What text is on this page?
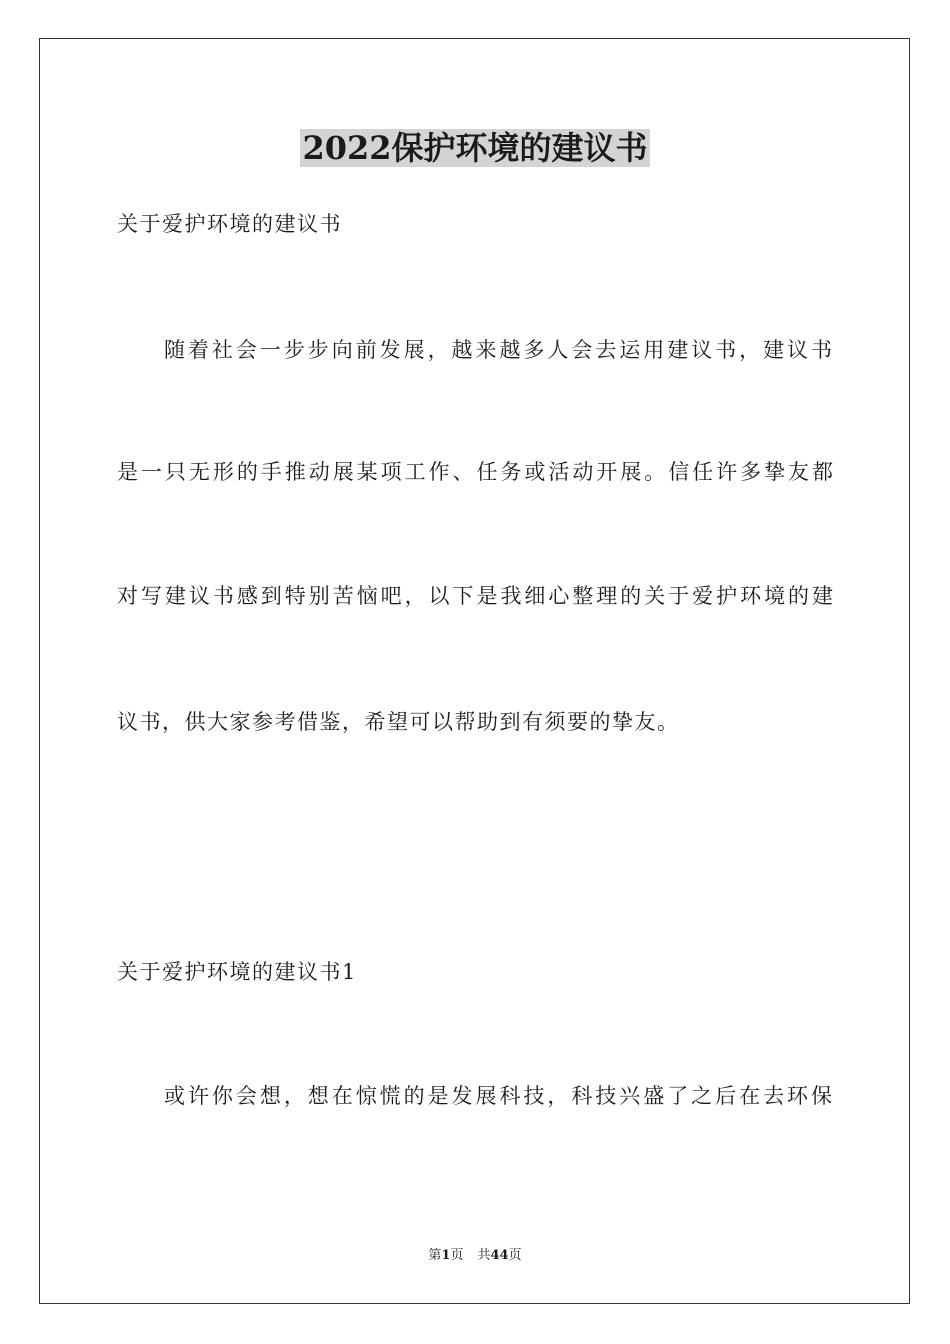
2022保护环境的建议书
关于爱护环境的建议书
随着社会一步步向前发展，越来越多人会去运用建议书，建议书
是一只无形的手推动展某项工作、任务或活动开展。信任许多挚友都
对写建议书感到特别苦恼吧，以下是我细心整理的关于爱护环境的建
议书，供大家参考借鉴，希望可以帮助到有须要的挚友。
关于爱护环境的建议书1
或许你会想，想在惊慌的是发展科技，科技兴盛了之后在去环保
第1页 共44页
